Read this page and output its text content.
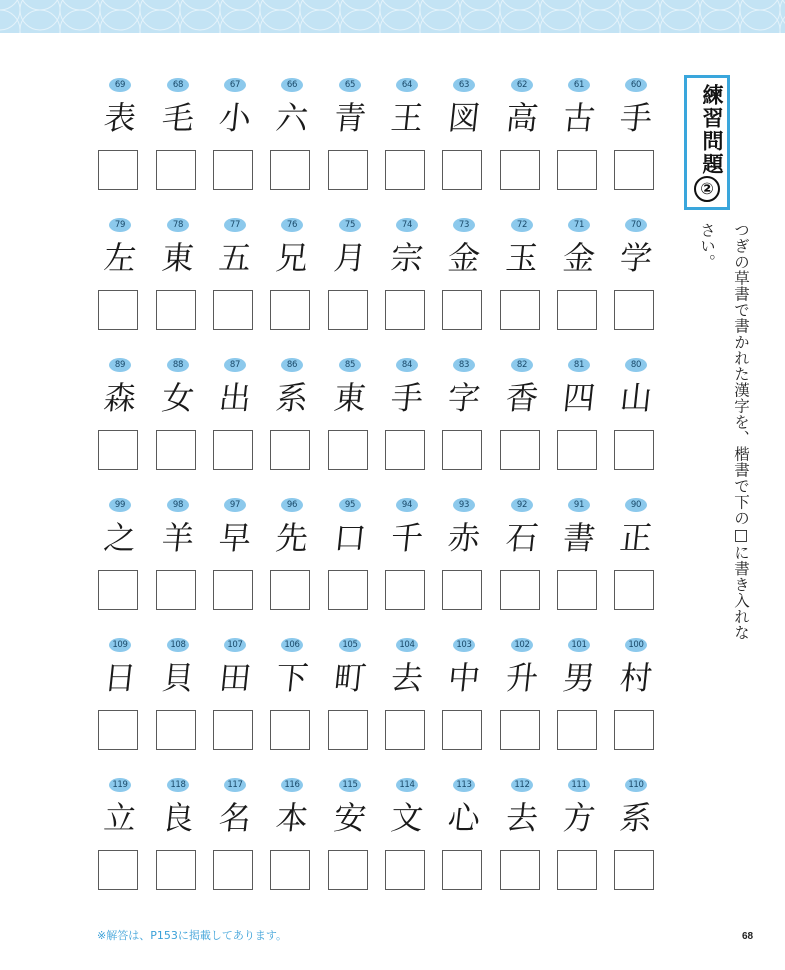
69
表
68
毛
67
小
66
六
65
青
64
王
63
図
62
高
61
古
60
手
79
左
78
東
77
五
76
兄
75
月
74
宗
73
金
72
玉
71
金
70
学
89
森
88
女
87
出
86
系
85
東
84
手
83
字
82
香
81
四
80
山
99
之
98
羊
97
早
96
先
95
口
94
千
93
赤
92
石
91
書
90
正
109
日
108
貝
107
田
106
下
105
町
104
去
103
中
102
升
101
男
100
村
119
立
118
良
117
名
116
本
115
安
114
文
113
心
112
去
111
方
110
系
練習問題
②
つぎの草書で書かれた漢字を、楷書で下の□に書き入れなさい。
※解答は、P153に掲載してあります。	68
